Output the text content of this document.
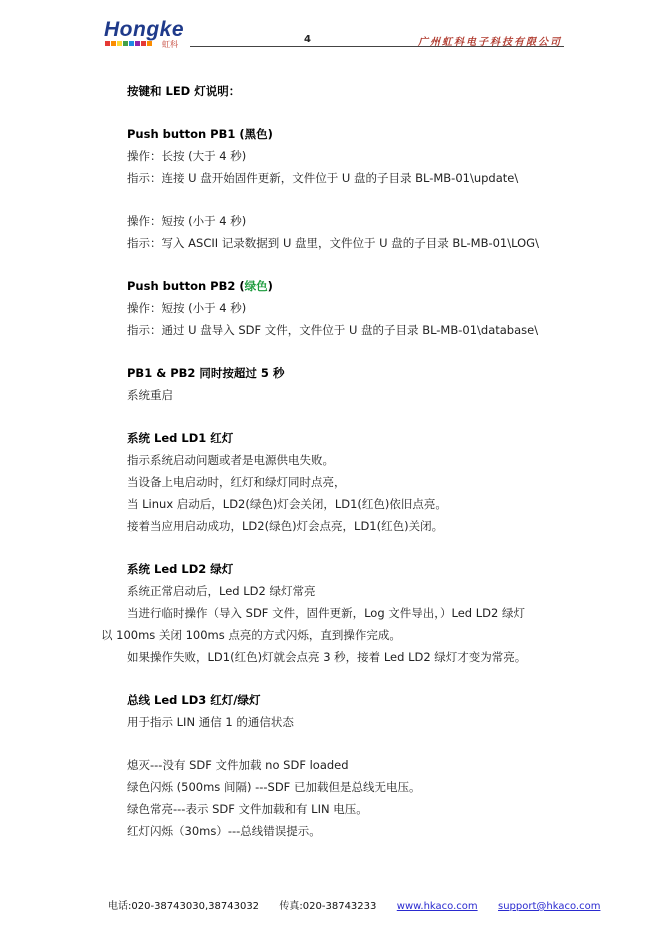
Hongke
虹科	4	广州虹科电子科技有限公司
按键和 LED 灯说明：
Push button PB1 (黑色)
操作：长按 (大于 4 秒)
指示：连接 U 盘开始固件更新，文件位于 U 盘的子目录 BL-MB-01\update\
操作：短按 (小于 4 秒)
指示：写入 ASCII 记录数据到 U 盘里，文件位于 U 盘的子目录 BL-MB-01\LOG\
Push button PB2 (绿色)
操作：短按 (小于 4 秒)
指示：通过 U 盘导入 SDF 文件，文件位于 U 盘的子目录 BL-MB-01\database\
PB1 & PB2 同时按超过 5 秒
系统重启
系统 Led LD1 红灯
指示系统启动问题或者是电源供电失败。
当设备上电启动时，红灯和绿灯同时点亮，
当 Linux 启动后，LD2(绿色)灯会关闭，LD1(红色)依旧点亮。
接着当应用启动成功，LD2(绿色)灯会点亮，LD1(红色)关闭。
系统 Led LD2 绿灯
系统正常启动后，Led LD2 绿灯常亮
当进行临时操作（导入 SDF 文件，固件更新，Log 文件导出，）Led LD2 绿灯
以 100ms 关闭 100ms 点亮的方式闪烁，直到操作完成。
如果操作失败，LD1(红色)灯就会点亮 3 秒，接着 Led LD2 绿灯才变为常亮。
总线 Led LD3 红灯/绿灯
用于指示 LIN 通信 1 的通信状态
熄灭---没有 SDF 文件加载 no SDF loaded
绿色闪烁 (500ms 间隔) ---SDF 已加载但是总线无电压。
绿色常亮---表示 SDF 文件加载和有 LIN 电压。
红灯闪烁（30ms）---总线错误提示。
电话:020-38743030,38743032 传真:020-38743233 www.hkaco.com support@hkaco.com
